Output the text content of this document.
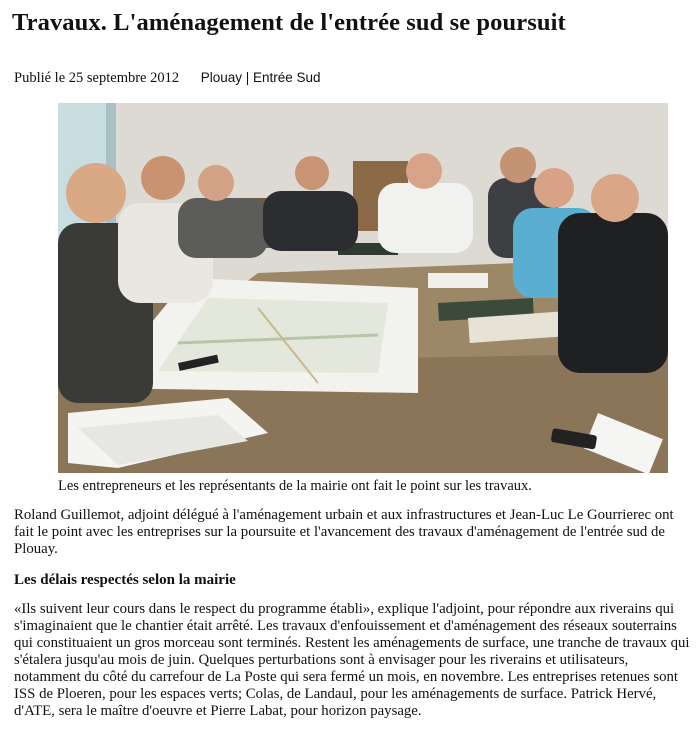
Travaux. L'aménagement de l'entrée sud se poursuit
Publié le 25 septembre 2012 Plouay | Entrée Sud
Les entrepreneurs et les représentants de la mairie ont fait le point sur les travaux.

Roland Guillemot, adjoint délégué à l'aménagement urbain et aux infrastructures et Jean-Luc Le Gourrierec ont fait le point avec les entreprises sur la poursuite et l'avancement des travaux d'aménagement de l'entrée sud de Plouay.

Les délais respectés selon la mairie

«Ils suivent leur cours dans le respect du programme établi», explique l'adjoint, pour répondre aux riverains qui s'imaginaient que le chantier était arrêté. Les travaux d'enfouissement et d'aménagement des réseaux souterrains qui constituaient un gros morceau sont terminés. Restent les aménagements de surface, une tranche de travaux qui s'étalera jusqu'au mois de juin. Quelques perturbations sont à envisager pour les riverains et utilisateurs, notamment du côté du carrefour de La Poste qui sera fermé un mois, en novembre. Les entreprises retenues sont ISS de Ploeren, pour les espaces verts; Colas, de Landaul, pour les aménagements de surface. Patrick Hervé, d'ATE, sera le maître d'oeuvre et Pierre Labat, pour horizon paysage.
